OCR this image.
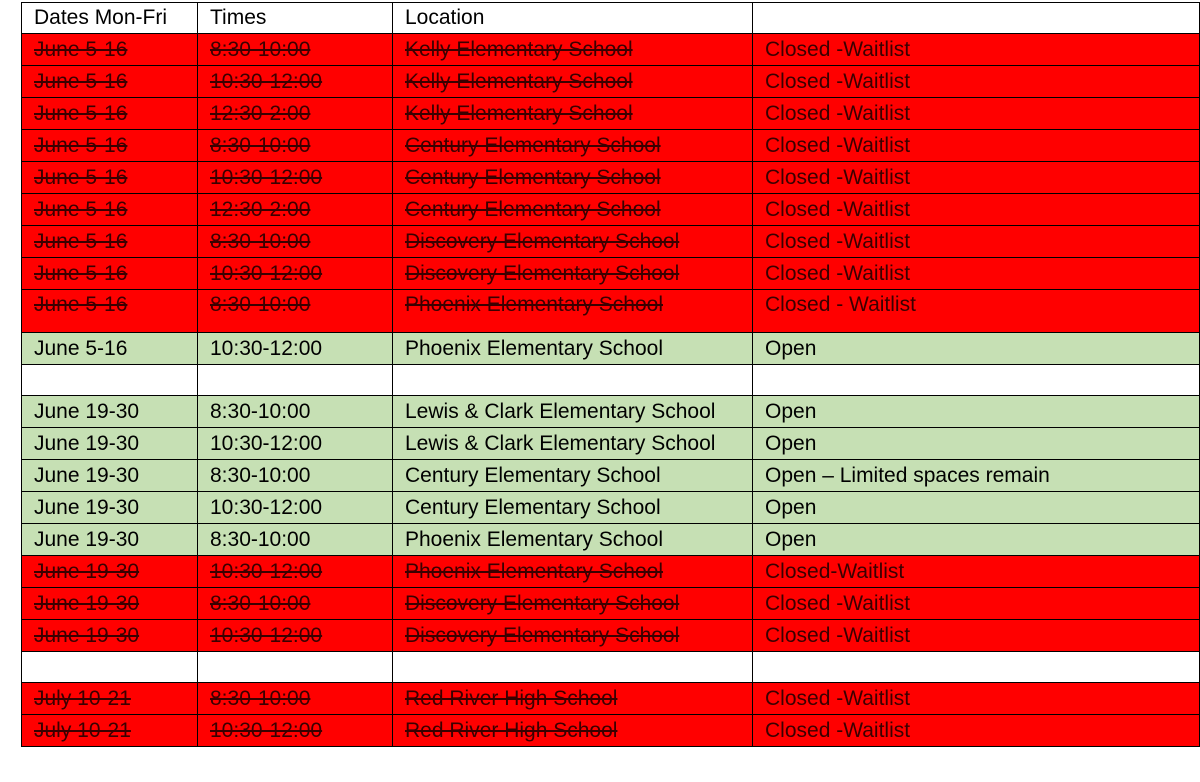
Dates Mon-Fri	Times	Location	
June 5-16	8:30-10:00	Kelly Elementary School	Closed -Waitlist
June 5-16	10:30-12:00	Kelly Elementary School	Closed -Waitlist
June 5-16	12:30-2:00	Kelly Elementary School	Closed -Waitlist
June 5-16	8:30-10:00	Century Elementary School	Closed -Waitlist
June 5-16	10:30-12:00	Century Elementary School	Closed -Waitlist
June 5-16	12:30-2:00	Century Elementary School	Closed -Waitlist
June 5-16	8:30-10:00	Discovery Elementary School	Closed -Waitlist
June 5-16	10:30-12:00	Discovery Elementary School	Closed -Waitlist
June 5-16	8:30-10:00	Phoenix Elementary School	Closed - Waitlist
June 5-16	10:30-12:00	Phoenix Elementary School	Open

June 19-30	8:30-10:00	Lewis & Clark Elementary School	Open
June 19-30	10:30-12:00	Lewis & Clark Elementary School	Open
June 19-30	8:30-10:00	Century Elementary School	Open – Limited spaces remain
June 19-30	10:30-12:00	Century Elementary School	Open
June 19-30	8:30-10:00	Phoenix Elementary School	Open
June 19-30	10:30-12:00	Phoenix Elementary School	Closed-Waitlist
June 19-30	8:30-10:00	Discovery Elementary School	Closed -Waitlist
June 19-30	10:30-12:00	Discovery Elementary School	Closed -Waitlist

July 10-21	8:30-10:00	Red River High School	Closed -Waitlist
July 10-21	10:30-12:00	Red River High School	Closed -Waitlist
